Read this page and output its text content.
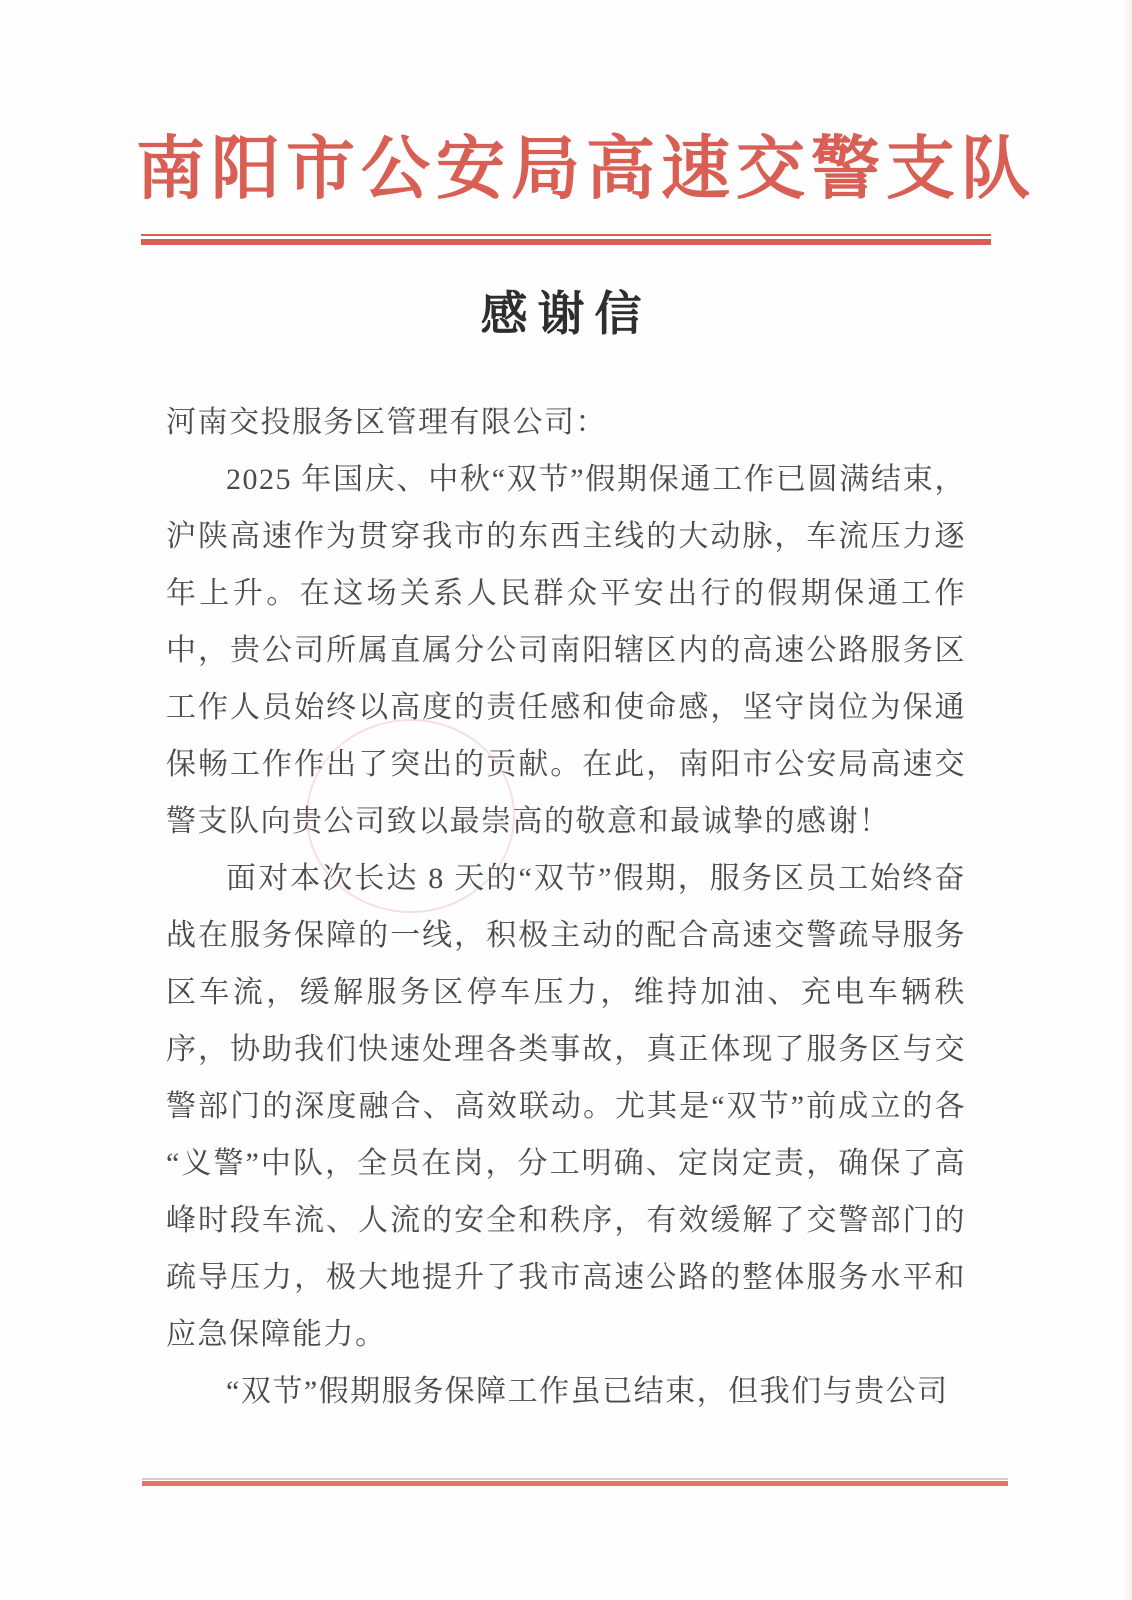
南阳市公安局高速交警支队
感谢信

河南交投服务区管理有限公司：

2025 年国庆、中秋“双节”假期保通工作已圆满结束，沪陕高速作为贯穿我市的东西主线的大动脉，车流压力逐年上升。在这场关系人民群众平安出行的假期保通工作中，贵公司所属直属分公司南阳辖区内的高速公路服务区工作人员始终以高度的责任感和使命感，坚守岗位为保通保畅工作作出了突出的贡献。在此，南阳市公安局高速交警支队向贵公司致以最崇高的敬意和最诚挚的感谢！

面对本次长达 8 天的“双节”假期，服务区员工始终奋战在服务保障的一线，积极主动的配合高速交警疏导服务区车流，缓解服务区停车压力，维持加油、充电车辆秩序，协助我们快速处理各类事故，真正体现了服务区与交警部门的深度融合、高效联动。尤其是“双节”前成立的各“义警”中队，全员在岗，分工明确、定岗定责，确保了高峰时段车流、人流的安全和秩序，有效缓解了交警部门的疏导压力，极大地提升了我市高速公路的整体服务水平和应急保障能力。

“双节”假期服务保障工作虽已结束，但我们与贵公司
